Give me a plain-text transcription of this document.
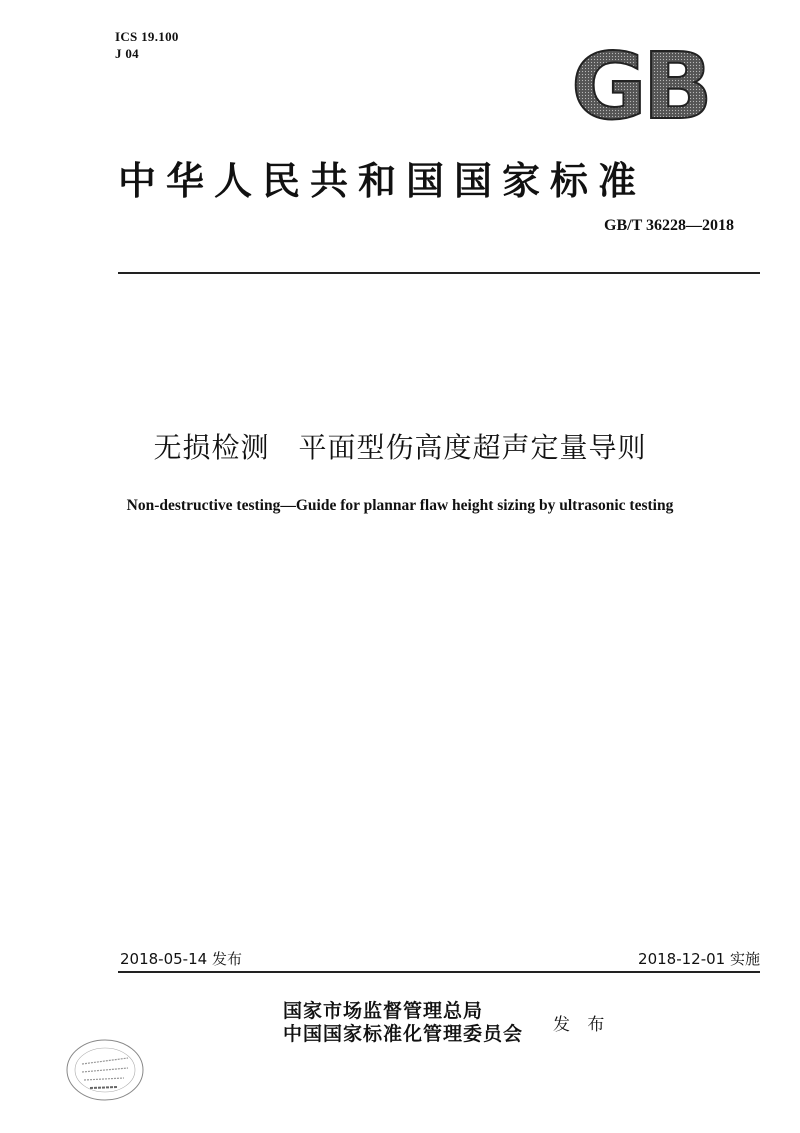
ICS 19.100
J 04	GB
中华人民共和国国家标准
GB/T 36228—2018
无损检测　平面型伤高度超声定量导则
Non-destructive testing—Guide for plannar flaw height sizing by ultrasonic testing
2018-05-14 发布	2018-12-01 实施
国家市场监督管理总局
中国国家标准化管理委员会 发 布
